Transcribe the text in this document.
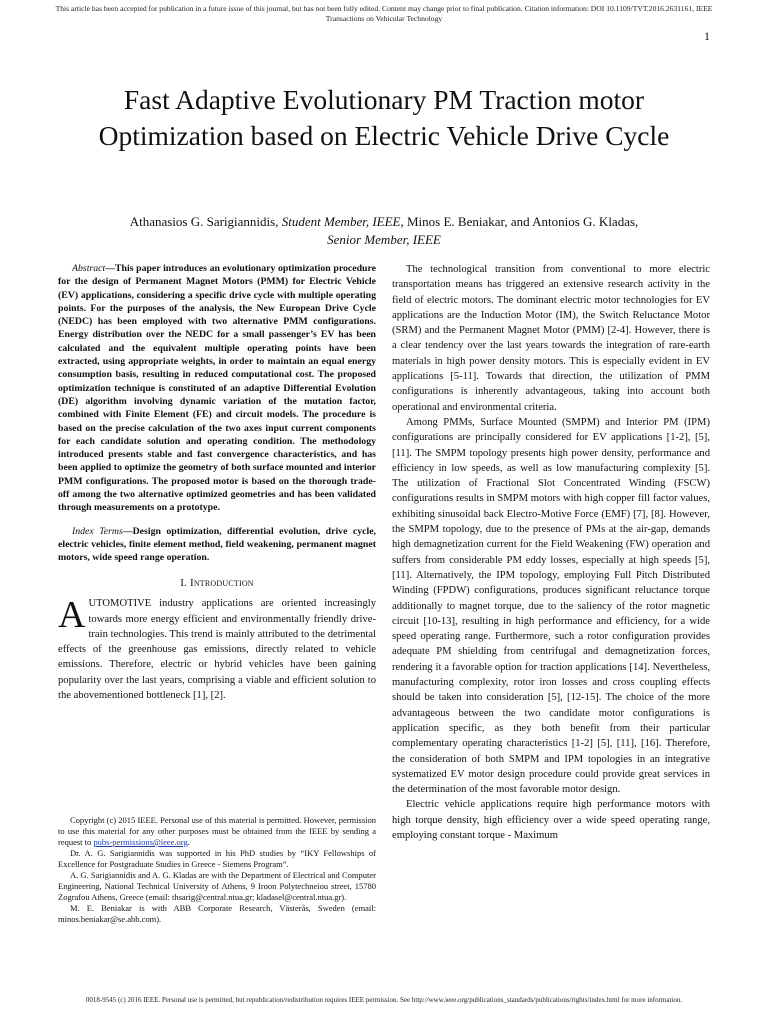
This article has been accepted for publication in a future issue of this journal, but has not been fully edited. Content may change prior to final publication. Citation information: DOI 10.1109/TVT.2016.2631161, IEEE
Transactions on Vehicular Technology
1
Fast Adaptive Evolutionary PM Traction motor Optimization based on Electric Vehicle Drive Cycle
Athanasios G. Sarigiannidis, Student Member, IEEE, Minos E. Beniakar, and Antonios G. Kladas,
Senior Member, IEEE

Abstract—This paper introduces an evolutionary optimization procedure for the design of Permanent Magnet Motors (PMM) for Electric Vehicle (EV) applications, considering a specific drive cycle with multiple operating points. For the purposes of the analysis, the New European Drive Cycle (NEDC) has been employed with two alternative PMM configurations. Energy distribution over the NEDC for a small passenger’s EV has been calculated and the equivalent multiple operating points have been extracted, using appropriate weights, in order to maintain an equal energy consumption basis, resulting in reduced computational cost. The proposed optimization technique is constituted of an adaptive Differential Evolution (DE) algorithm involving dynamic variation of the mutation factor, combined with Finite Element (FE) and circuit models. The procedure is based on the precise calculation of the two axes input current components for each candidate solution and operating condition. The methodology introduced presents stable and fast convergence characteristics, and has been applied to optimize the geometry of both surface mounted and interior PMM configurations. The proposed motor is based on the thorough trade-off among the two alternative optimized geometries and has been validated through measurements on a prototype.

Index Terms—Design optimization, differential evolution, drive cycle, electric vehicles, finite element method, field weakening, permanent magnet motors, wide speed range operation.

I. Introduction

AUTOMOTIVE industry applications are oriented increasingly towards more energy efficient and environmentally friendly drive-train technologies. This trend is mainly attributed to the detrimental effects of the greenhouse gas emissions, directly related to vehicle emissions. Therefore, electric or hybrid vehicles have been gaining popularity over the last years, comprising a viable and efficient solution to the abovementioned bottleneck [1], [2].

Copyright (c) 2015 IEEE. Personal use of this material is permitted. However, permission to use this material for any other purposes must be obtained from the IEEE by sending a request to pubs-permissions@ieee.org.

Dr. A. G. Sarigiannidis was supported in his PhD studies by “IKY Fellowships of Excellence for Postgraduate Studies in Greece - Siemens Program”.

A. G. Sarigiannidis and A. G. Kladas are with the Department of Electrical and Computer Engineering, National Technical University of Athens, 9 Iroon Polytechneiou street, 15780 Zografou Athens, Greece (email: thsarig@central.ntua.gr; kladasel@central.ntua.gr).

M. E. Beniakar is with ABB Corporate Research, Västerås, Sweden (email: minos.beniakar@se.abb.com).

The technological transition from conventional to more electric transportation means has triggered an extensive research activity in the field of electric motors. The dominant electric motor technologies for EV applications are the Induction Motor (IM), the Switch Reluctance Motor (SRM) and the Permanent Magnet Motor (PMM) [2-4]. However, there is a clear tendency over the last years towards the integration of rare-earth materials in high power density motors. This is especially evident in EV applications [5-11]. Towards that direction, the utilization of PMM configurations is inherently advantageous, taking into account both operational and environmental criteria.

Among PMMs, Surface Mounted (SMPM) and Interior PM (IPM) configurations are principally considered for EV applications [1-2], [5], [11]. The SMPM topology presents high power density, performance and efficiency in low speeds, as well as low manufacturing complexity [5]. The utilization of Fractional Slot Concentrated Winding (FSCW) configurations results in SMPM motors with high copper fill factor values, exhibiting sinusoidal back Electro-Motive Force (EMF) [7], [8]. However, the SMPM topology, due to the presence of PMs at the air-gap, demands high demagnetization current for the Field Weakening (FW) operation and suffers from considerable PM eddy losses, especially at high speeds [5], [11]. Alternatively, the IPM topology, employing Full Pitch Distributed Winding (FPDW) configurations, produces significant reluctance torque additionally to magnet torque, due to the saliency of the rotor magnetic circuit [10-13], resulting in high performance and efficiency, for a wide speed operating range. Furthermore, such a rotor configuration provides adequate PM shielding from centrifugal and demagnetization forces, rendering it a favorable option for traction applications [14]. Nevertheless, manufacturing complexity, rotor iron losses and cross coupling effects should be taken into consideration [5], [12-15]. The choice of the more advantageous between the two candidate motor configurations is application specific, as they both benefit from their particular complementary operating characteristics [1-2] [5], [11], [16]. Therefore, the consideration of both SMPM and IPM topologies in an integrative systematized EV motor design procedure could provide great services in the determination of the most favorable motor design.

Electric vehicle applications require high performance motors with high torque density, high efficiency over a wide speed operating range, employing constant torque - Maximum

0018-9545 (c) 2016 IEEE. Personal use is permitted, but republication/redistribution requires IEEE permission. See http://www.ieee.org/publications_standards/publications/rights/index.html for more information.
